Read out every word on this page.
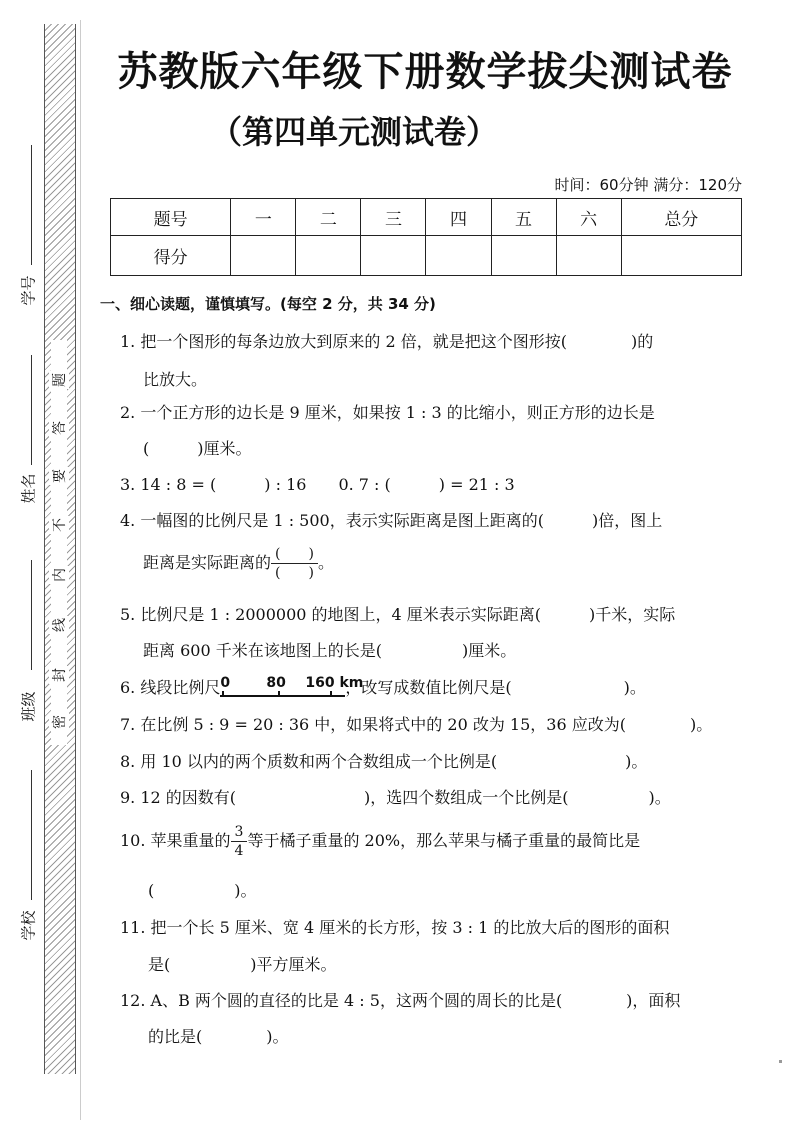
学号
姓名
班级
学校
题
答
要
不
内
线
封
密
苏教版六年级下册数学拔尖测试卷
（第四单元测试卷）
时间：60分钟 满分：120分
题号	一	二	三	四	五	六	总分
得分							
一、细心读题，谨慎填写。(每空 2 分，共 34 分)
1. 把一个图形的每条边放大到原来的 2 倍，就是把这个图形按(　　　　)的
比放大。
2. 一个正方形的边长是 9 厘米，如果按 1 : 3 的比缩小，则正方形的边长是
(　　　)厘米。
3. 14 : 8 = (　　　) : 16　　0. 7 : (　　　) = 21 : 3
4. 一幅图的比例尺是 1 : 500，表示实际距离是图上距离的(　　　)倍，图上
距离是实际距离的 $\frac{( )}{( )}$ 。
5. 比例尺是 1 : 2000000 的地图上，4 厘米表示实际距离(　　　)千米，实际
距离 600 千米在该地图上的长是(　　　　　)厘米。
6. 线段比例尺 0	80 160 km
，改写成数值比例尺是(　　　　　　　)。
7. 在比例 5 : 9 = 20 : 36 中，如果将式中的 20 改为 15，36 应改为(　　　　)。
8. 用 10 以内的两个质数和两个合数组成一个比例是(　　　　　　　　)。
9. 12 的因数有(　　　　　　　　)，选四个数组成一个比例是(　　　　　)。
10. 苹果重量的 $\frac{3}{4}$ 等于橘子重量的 20%，那么苹果与橘子重量的最简比是
(　　　　　)。
11. 把一个长 5 厘米、宽 4 厘米的长方形，按 3 : 1 的比放大后的图形的面积
是(　　　　　)平方厘米。
12. A、B 两个圆的直径的比是 4 : 5，这两个圆的周长的比是(　　　　)，面积
的比是(　　　　)。
